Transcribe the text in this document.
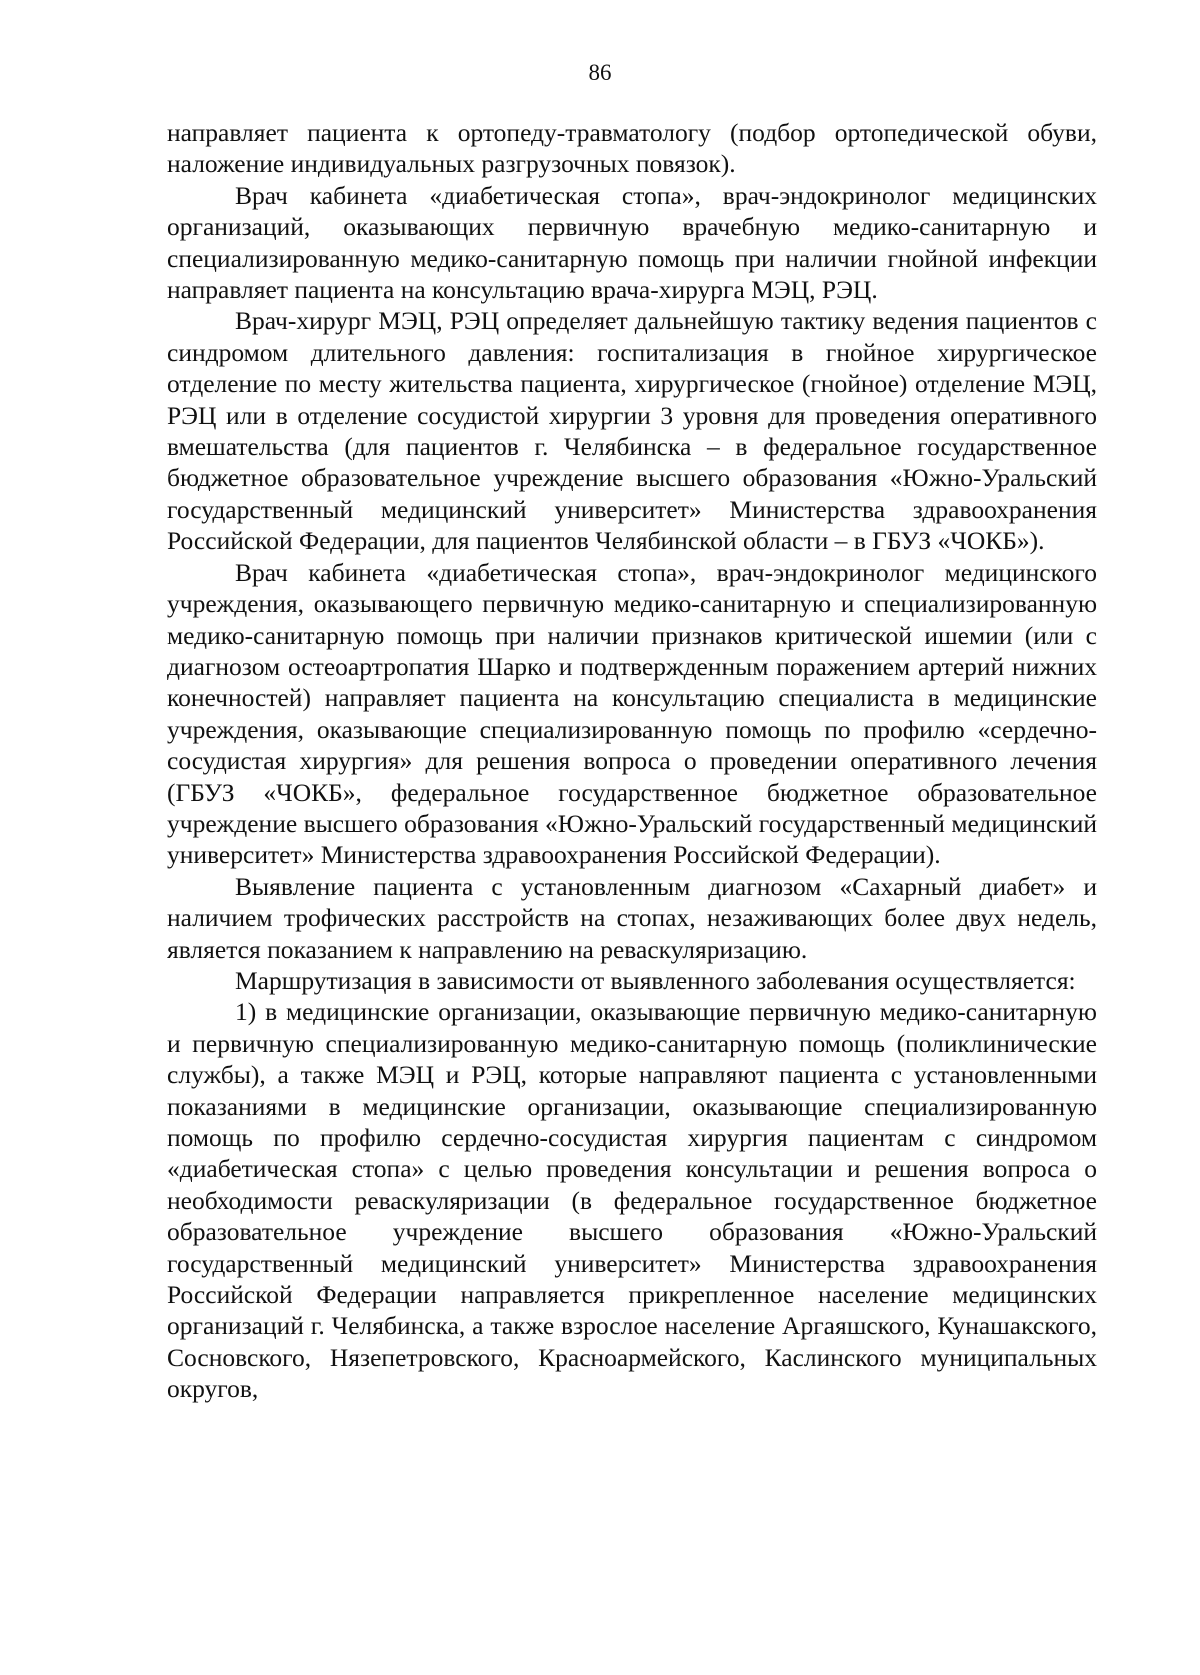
86

направляет пациента к ортопеду-травматологу (подбор ортопедической обуви, наложение индивидуальных разгрузочных повязок).

Врач кабинета «диабетическая стопа», врач-эндокринолог медицинских организаций, оказывающих первичную врачебную медико-санитарную и специализированную медико-санитарную помощь при наличии гнойной инфекции направляет пациента на консультацию врача-хирурга МЭЦ, РЭЦ.

Врач-хирург МЭЦ, РЭЦ определяет дальнейшую тактику ведения пациентов с синдромом длительного давления: госпитализация в гнойное хирургическое отделение по месту жительства пациента, хирургическое (гнойное) отделение МЭЦ, РЭЦ или в отделение сосудистой хирургии 3 уровня для проведения оперативного вмешательства (для пациентов г. Челябинска – в федеральное государственное бюджетное образовательное учреждение высшего образования «Южно-Уральский государственный медицинский университет» Министерства здравоохранения Российской Федерации, для пациентов Челябинской области – в ГБУЗ «ЧОКБ»).

Врач кабинета «диабетическая стопа», врач-эндокринолог медицинского учреждения, оказывающего первичную медико-санитарную и специализированную медико-санитарную помощь при наличии признаков критической ишемии (или с диагнозом остеоартропатия Шарко и подтвержденным поражением артерий нижних конечностей) направляет пациента на консультацию специалиста в медицинские учреждения, оказывающие специализированную помощь по профилю «сердечно-сосудистая хирургия» для решения вопроса о проведении оперативного лечения (ГБУЗ «ЧОКБ», федеральное государственное бюджетное образовательное учреждение высшего образования «Южно-Уральский государственный медицинский университет» Министерства здравоохранения Российской Федерации).

Выявление пациента с установленным диагнозом «Сахарный диабет» и наличием трофических расстройств на стопах, незаживающих более двух недель, является показанием к направлению на реваскуляризацию.

Маршрутизация в зависимости от выявленного заболевания осуществляется:

1) в медицинские организации, оказывающие первичную медико-санитарную и первичную специализированную медико-санитарную помощь (поликлинические службы), а также МЭЦ и РЭЦ, которые направляют пациента с установленными показаниями в медицинские организации, оказывающие специализированную помощь по профилю сердечно-сосудистая хирургия пациентам с синдромом «диабетическая стопа» с целью проведения консультации и решения вопроса о необходимости реваскуляризации (в федеральное государственное бюджетное образовательное учреждение высшего образования «Южно-Уральский государственный медицинский университет» Министерства здравоохранения Российской Федерации направляется прикрепленное население медицинских организаций г. Челябинска, а также взрослое население Аргаяшского, Кунашакского, Сосновского, Нязепетровского, Красноармейского, Каслинского муниципальных округов,
